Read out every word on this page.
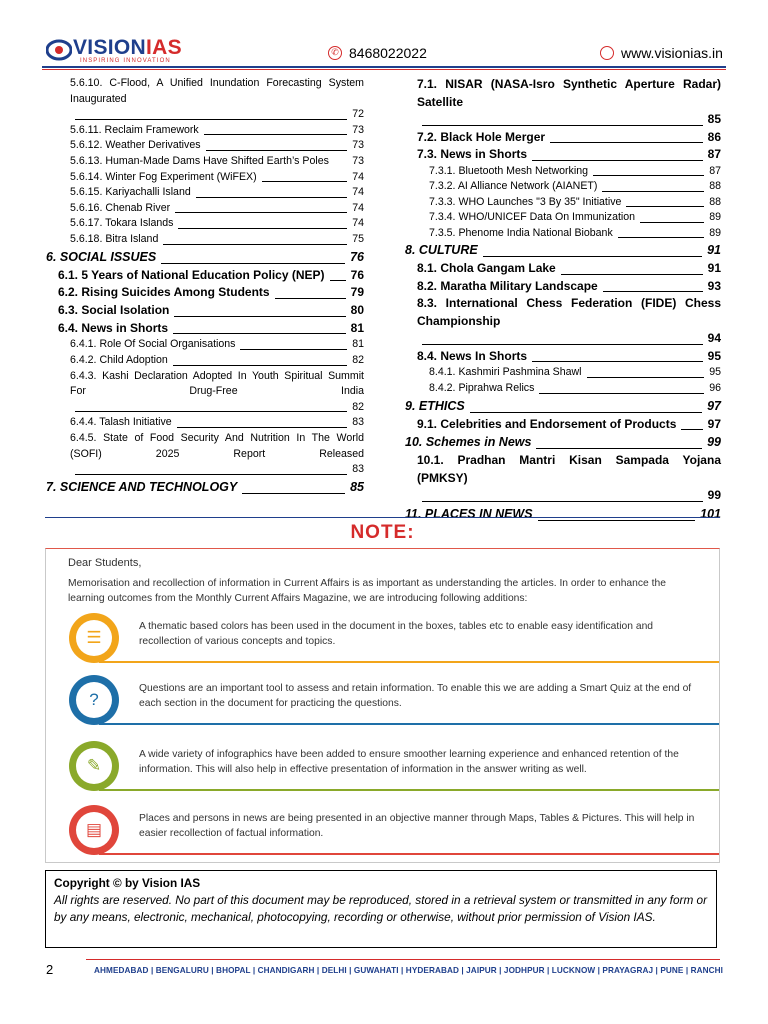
VISIONIAS
INSPIRING INNOVATION
✆ 8468022022	www.visionias.in
5.6.10. C-Flood, A Unified Inundation Forecasting System Inaugurated
72
5.6.11. Reclaim Framework	73
5.6.12. Weather Derivatives	73
5.6.13. Human-Made Dams Have Shifted Earth’s Poles 73
5.6.14. Winter Fog Experiment (WiFEX)	74
5.6.15. Kariyachalli Island	74
5.6.16. Chenab River	74
5.6.17. Tokara Islands	74
5.6.18. Bitra Island	75
6. SOCIAL ISSUES	76
6.1. 5 Years of National Education Policy (NEP) 76
6.2. Rising Suicides Among Students	79
6.3. Social Isolation	80
6.4. News in Shorts	81
6.4.1. Role Of Social Organisations	81
6.4.2. Child Adoption	82
6.4.3. Kashi Declaration Adopted In Youth Spiritual Summit For Drug-Free India
82
6.4.4. Talash Initiative	83
6.4.5. State of Food Security And Nutrition In The World (SOFI) 2025 Report Released
83
7. SCIENCE AND TECHNOLOGY	85
7.1. NISAR (NASA-Isro Synthetic Aperture Radar) Satellite
85
7.2. Black Hole Merger	86
7.3. News in Shorts	87
7.3.1. Bluetooth Mesh Networking	87
7.3.2. AI Alliance Network (AIANET)	88
7.3.3. WHO Launches "3 By 35" Initiative	88
7.3.4. WHO/UNICEF Data On Immunization	89
7.3.5. Phenome India National Biobank	89
8. CULTURE	91
8.1. Chola Gangam Lake	91
8.2. Maratha Military Landscape	93
8.3. International Chess Federation (FIDE) Chess Championship
94
8.4. News In Shorts	95
8.4.1. Kashmiri Pashmina Shawl	95
8.4.2. Piprahwa Relics	96
9. ETHICS	97
9.1. Celebrities and Endorsement of Products	97
10. Schemes in News	99
10.1. Pradhan Mantri Kisan Sampada Yojana (PMKSY)
99
11. PLACES IN NEWS	101
NOTE:
Dear Students,
Memorisation and recollection of information in Current Affairs is as important as understanding the articles. In order to enhance the learning outcomes from the Monthly Current Affairs Magazine, we are introducing following additions:
☰
A thematic based colors has been used in the document in the boxes, tables etc to enable easy identification and recollection of various concepts and topics.
?
Questions are an important tool to assess and retain information. To enable this we are adding a Smart Quiz at the end of each section in the document for practicing the questions.
✎
A wide variety of infographics have been added to ensure smoother learning experience and enhanced retention of the information. This will also help in effective presentation of information in the answer writing as well.
▤
Places and persons in news are being presented in an objective manner through Maps, Tables & Pictures. This will help in easier recollection of factual information.
Copyright © by Vision IAS
All rights are reserved. No part of this document may be reproduced, stored in a retrieval system or transmitted in any form or by any means, electronic, mechanical, photocopying, recording or otherwise, without prior permission of Vision IAS.
2	AHMEDABAD | BENGALURU | BHOPAL | CHANDIGARH | DELHI | GUWAHATI | HYDERABAD | JAIPUR | JODHPUR | LUCKNOW | PRAYAGRAJ | PUNE | RANCHI
